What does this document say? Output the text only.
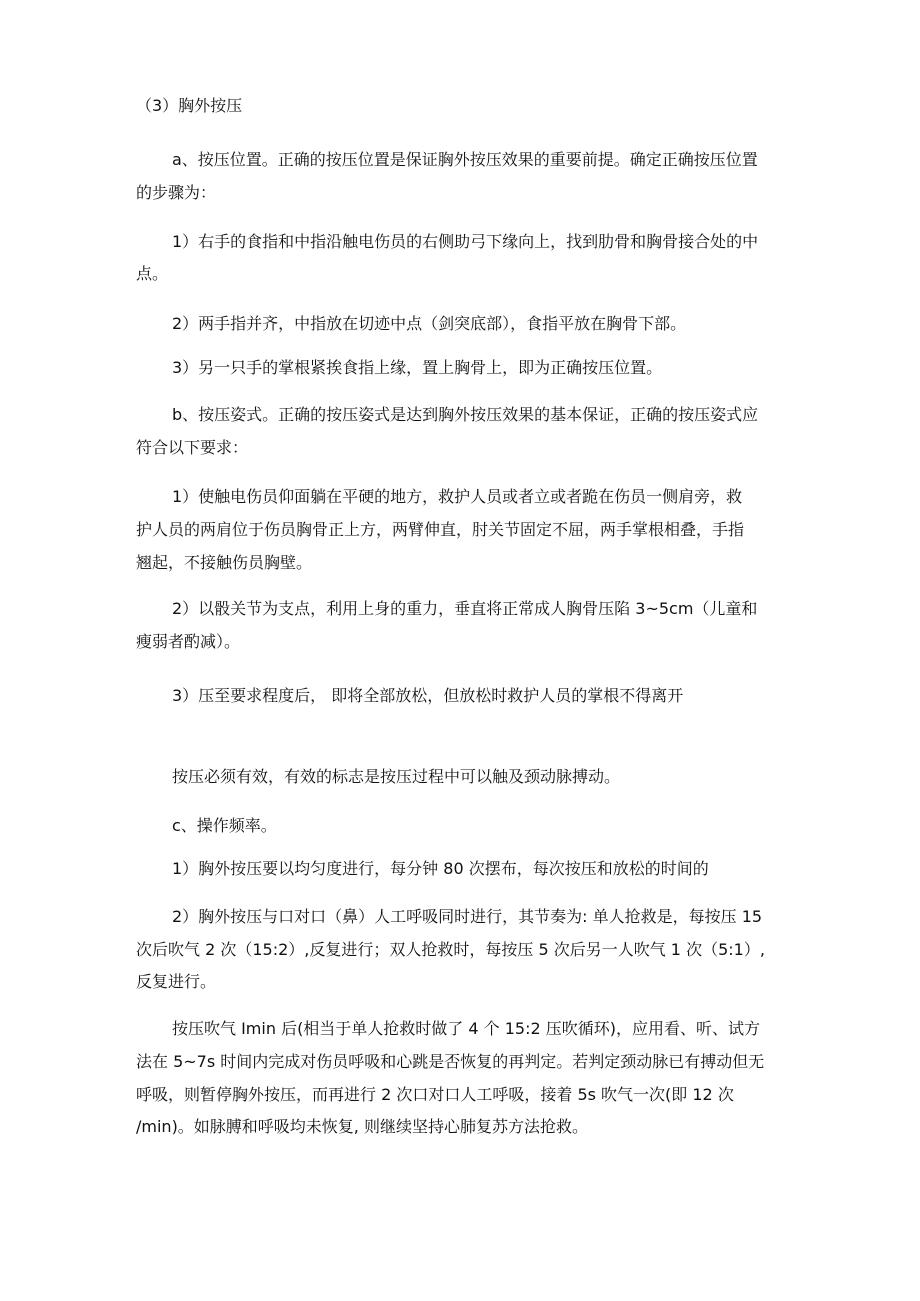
（3）胸外按压
a、按压位置。正确的按压位置是保证胸外按压效果的重要前提。确定正确按压位置
的步骤为：
1）右手的食指和中指沿触电伤员的右侧助弓下缘向上，找到肋骨和胸骨接合处的中
点。
2）两手指并齐，中指放在切迹中点（剑突底部），食指平放在胸骨下部。
3）另一只手的掌根紧挨食指上缘，置上胸骨上，即为正确按压位置。
b、按压姿式。正确的按压姿式是达到胸外按压效果的基本保证，正确的按压姿式应
符合以下要求：
1）使触电伤员仰面躺在平硬的地方，救护人员或者立或者跪在伤员一侧肩旁，救
护人员的两肩位于伤员胸骨正上方，两臂伸直，肘关节固定不屈，两手掌根相叠，手指
翘起，不接触伤员胸壁。
2）以骰关节为支点，利用上身的重力，垂直将正常成人胸骨压陷 3~5cm（儿童和
瘦弱者酌减）。
3）压至要求程度后， 即将全部放松，但放松时救护人员的掌根不得离开
按压必须有效，有效的标志是按压过程中可以触及颈动脉搏动。
c、操作频率。
1）胸外按压要以均匀度进行，每分钟 80 次摆布，每次按压和放松的时间的
2）胸外按压与口对口（鼻）人工呼吸同时进行，其节奏为: 单人抢救是，每按压 15
次后吹气 2 次（15:2）,反复进行；双人抢救时，每按压 5 次后另一人吹气 1 次（5:1）,
反复进行。
按压吹气 Imin 后(相当于单人抢救时做了 4 个 15:2 压吹循环)，应用看、听、试方
法在 5~7s 时间内完成对伤员呼吸和心跳是否恢复的再判定。若判定颈动脉已有搏动但无
呼吸，则暂停胸外按压，而再进行 2 次口对口人工呼吸，接着 5s 吹气一次(即 12 次
/min)。如脉膊和呼吸均未恢复, 则继续坚持心肺复苏方法抢救。
